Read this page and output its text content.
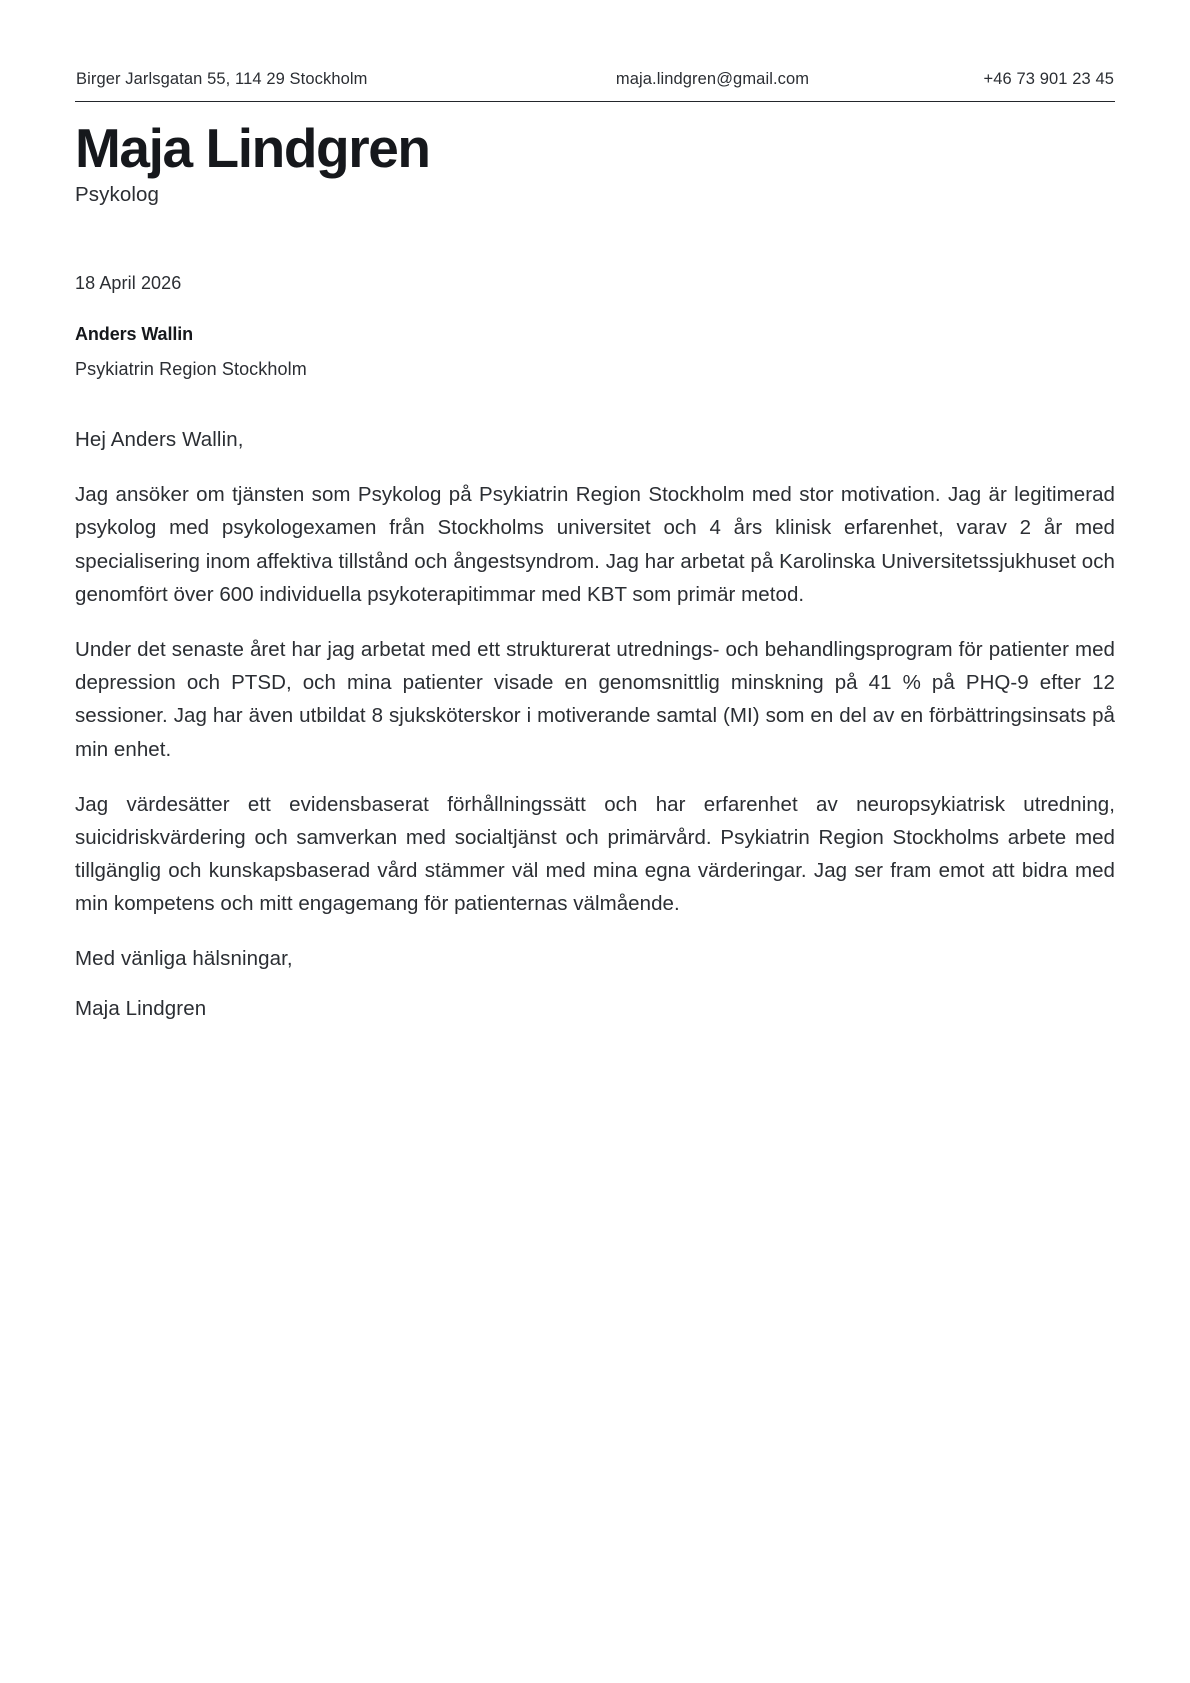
Birger Jarlsgatan 55, 114 29 Stockholm	maja.lindgren@gmail.com	+46 73 901 23 45
Maja Lindgren

Psykolog

18 April 2026

Anders Wallin

Psykiatrin Region Stockholm

Hej Anders Wallin,

Jag ansöker om tjänsten som Psykolog på Psykiatrin Region Stockholm med stor motivation. Jag är legitimerad psykolog med psykologexamen från Stockholms universitet och 4 års klinisk erfarenhet, varav 2 år med specialisering inom affektiva tillstånd och ångestsyndrom. Jag har arbetat på Karolinska Universitetssjukhuset och genomfört över 600 individuella psykoterapitimmar med KBT som primär metod.

Under det senaste året har jag arbetat med ett strukturerat utrednings- och behandlingsprogram för patienter med depression och PTSD, och mina patienter visade en genomsnittlig minskning på 41 % på PHQ-9 efter 12 sessioner. Jag har även utbildat 8 sjuksköterskor i motiverande samtal (MI) som en del av en förbättringsinsats på min enhet.

Jag värdesätter ett evidensbaserat förhållningssätt och har erfarenhet av neuropsykiatrisk utredning, suicidriskvärdering och samverkan med socialtjänst och primärvård. Psykiatrin Region Stockholms arbete med tillgänglig och kunskapsbaserad vård stämmer väl med mina egna värderingar. Jag ser fram emot att bidra med min kompetens och mitt engagemang för patienternas välmående.

Med vänliga hälsningar,

Maja Lindgren
